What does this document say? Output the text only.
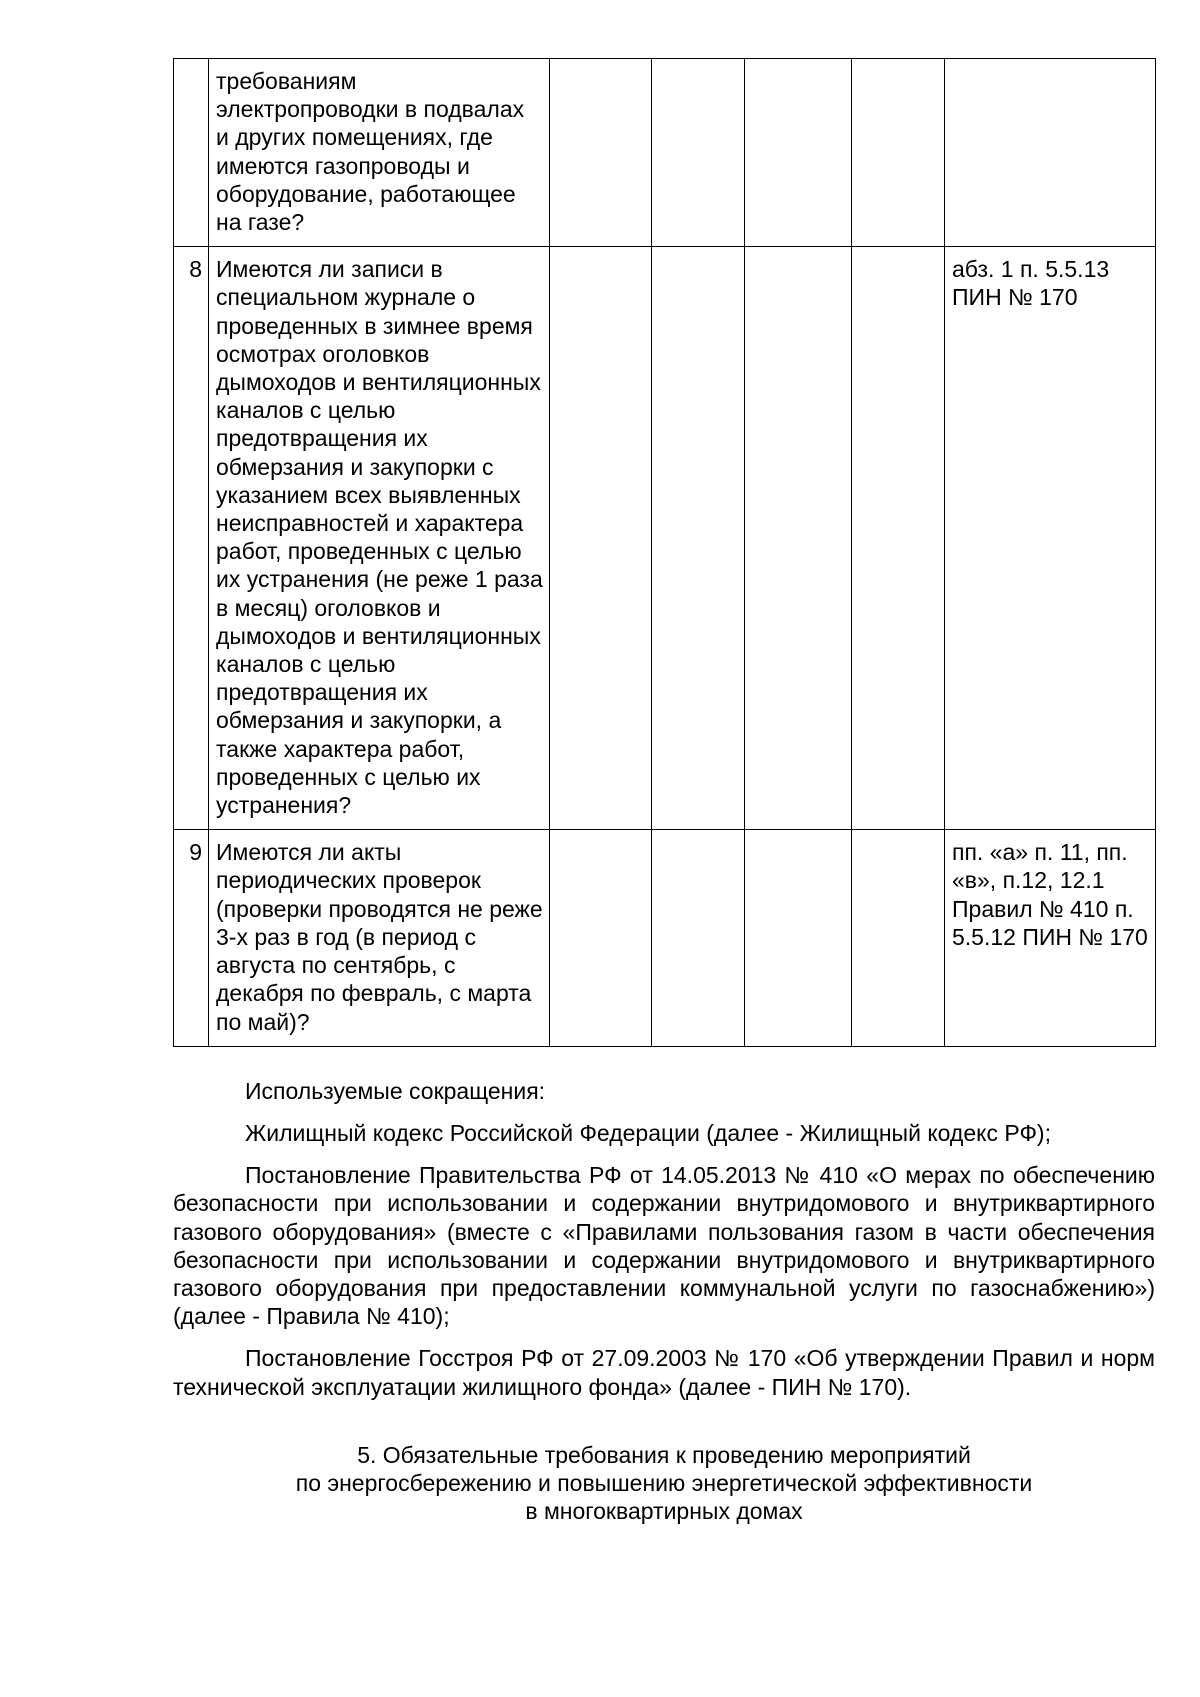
	требованиям электропроводки в подвалах и других помещениях, где имеются газопроводы и оборудование, работающее на газе?					
8	Имеются ли записи в специальном журнале о проведенных в зимнее время осмотрах оголовков дымоходов и вентиляционных каналов с целью предотвращения их обмерзания и закупорки с указанием всех выявленных неисправностей и характера работ, проведенных с целью их устранения (не реже 1 раза в месяц) оголовков и дымоходов и вентиляционных каналов с целью предотвращения их обмерзания и закупорки, а также характера работ, проведенных с целью их устранения?					абз. 1 п. 5.5.13 ПИН № 170
9	Имеются ли акты периодических проверок (проверки проводятся не реже 3-х раз в год (в период с августа по сентябрь, с декабря по февраль, с марта по май)?					пп. «а» п. 11, пп. «в», п.12, 12.1 Правил № 410 п. 5.5.12 ПИН № 170

Используемые сокращения:

Жилищный кодекс Российской Федерации (далее - Жилищный кодекс РФ);

Постановление Правительства РФ от 14.05.2013 № 410 «О мерах по обеспечению безопасности при использовании и содержании внутридомового и внутриквартирного газового оборудования» (вместе с «Правилами пользования газом в части обеспечения безопасности при использовании и содержании внутридомового и внутриквартирного газового оборудования при предоставлении коммунальной услуги по газоснабжению») (далее - Правила № 410);

Постановление Госстроя РФ от 27.09.2003 № 170 «Об утверждении Правил и норм технической эксплуатации жилищного фонда» (далее - ПИН № 170).

5. Обязательные требования к проведению мероприятий
по энергосбережению и повышению энергетической эффективности
в многоквартирных домах
